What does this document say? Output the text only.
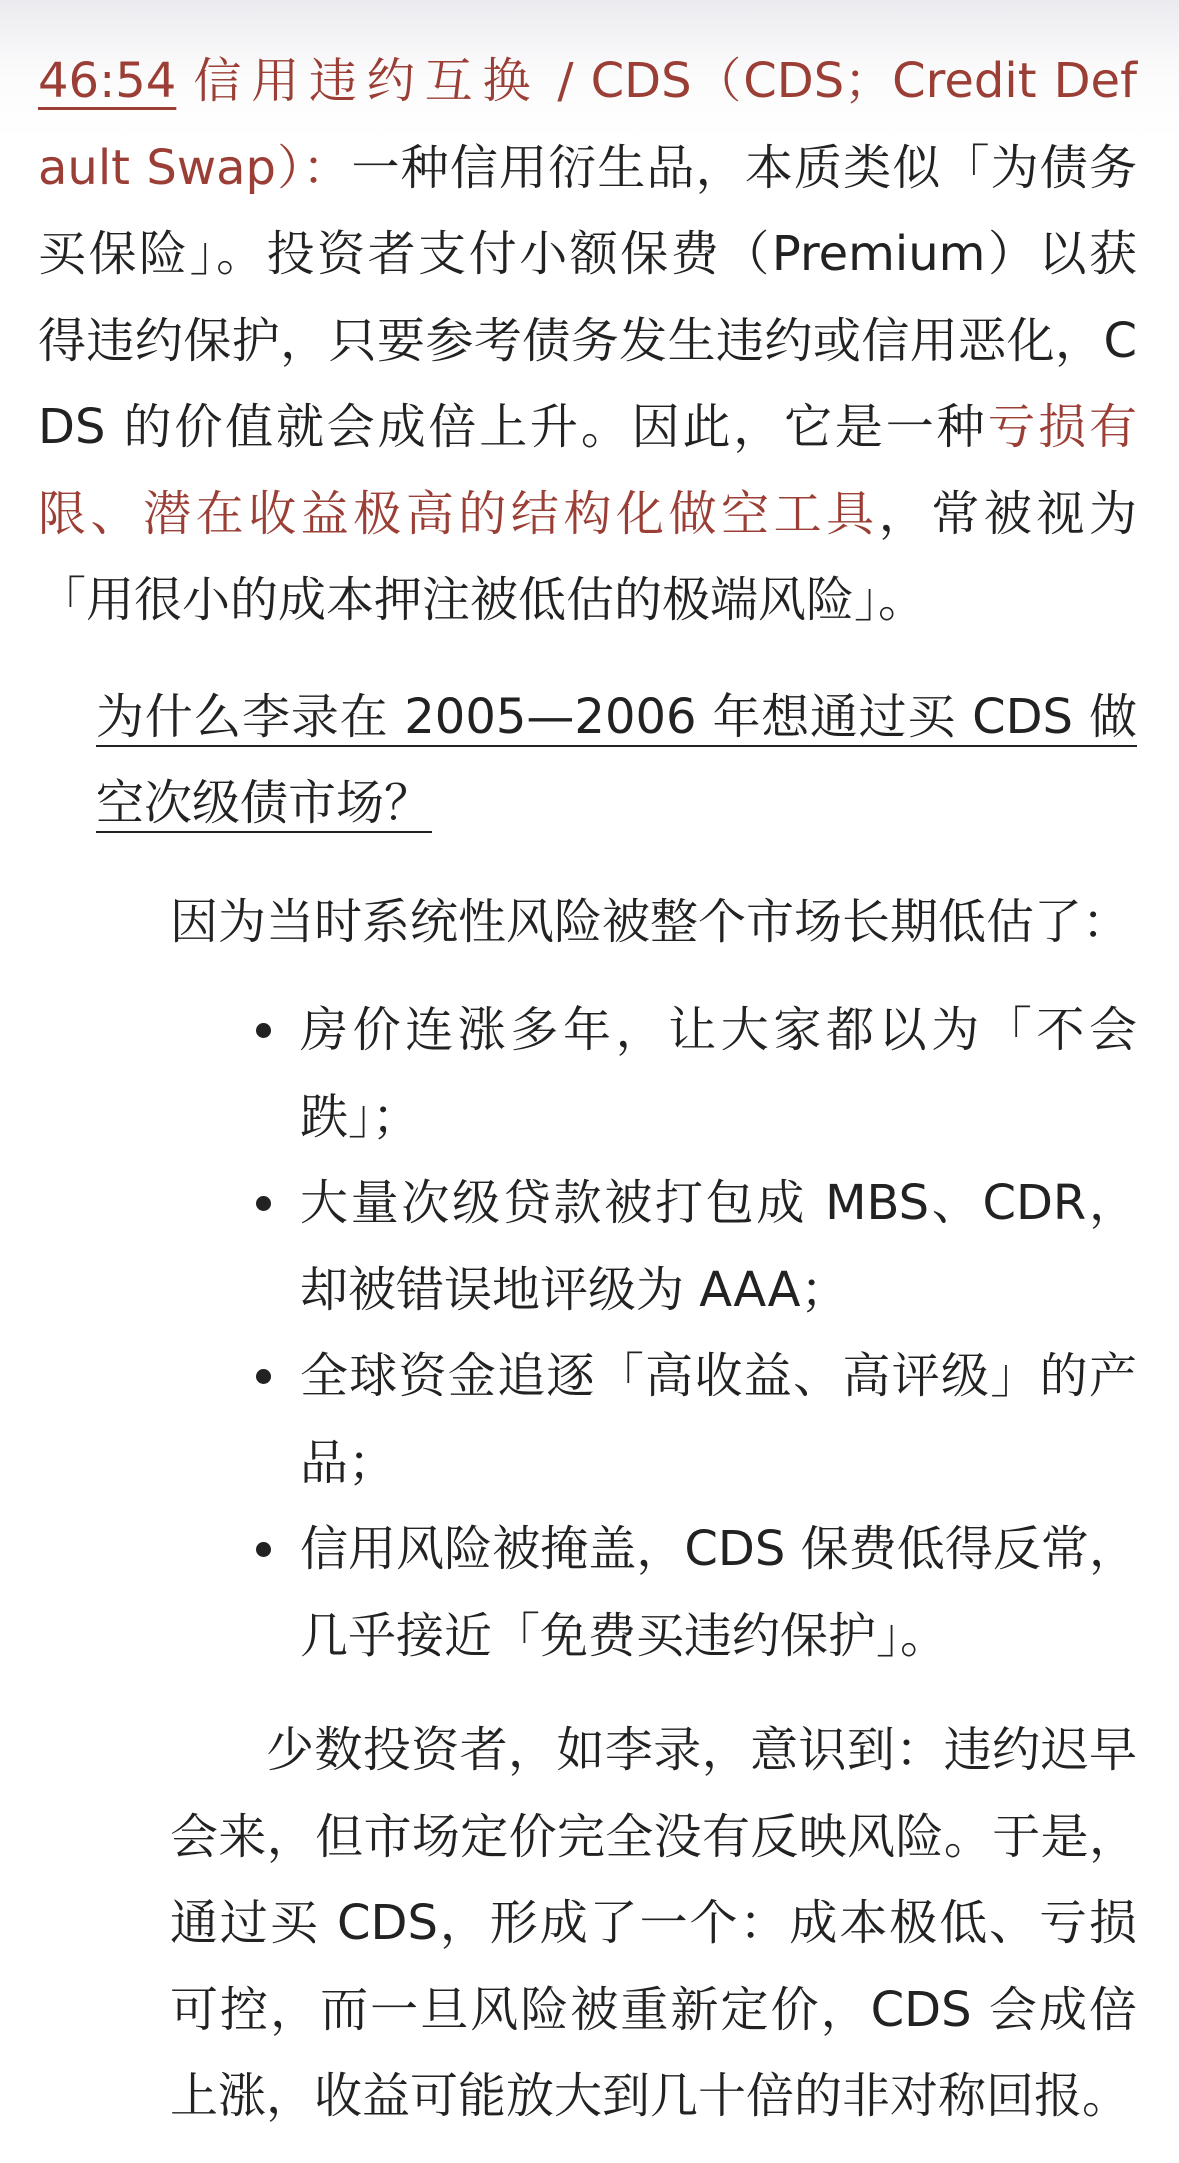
46:54 信用违约互换 / CDS（CDS；Credit Default Swap）：一种信用衍生品，本质类似「为债务买保险」。投资者支付小额保费（Premium）以获得违约保护，只要参考债务发生违约或信用恶化，CDS 的价值就会成倍上升。因此，它是一种亏损有限、潜在收益极高的结构化做空工具，常被视为「用很小的成本押注被低估的极端风险」。

为什么李录在 2005—2006 年想通过买 CDS 做空次级债市场？
因为当时系统性风险被整个市场长期低估了：
房价连涨多年，让大家都以为「不会跌」；
大量次级贷款被打包成 MBS、CDR，却被错误地评级为 AAA；
全球资金追逐「高收益、高评级」的产品；
信用风险被掩盖，CDS 保费低得反常，几乎接近「免费买违约保护」。
少数投资者，如李录，意识到：违约迟早会来，但市场定价完全没有反映风险。于是，通过买 CDS，形成了一个：成本极低、亏损可控，而一旦风险被重新定价，CDS 会成倍上涨，收益可能放大到几十倍的非对称回报。
